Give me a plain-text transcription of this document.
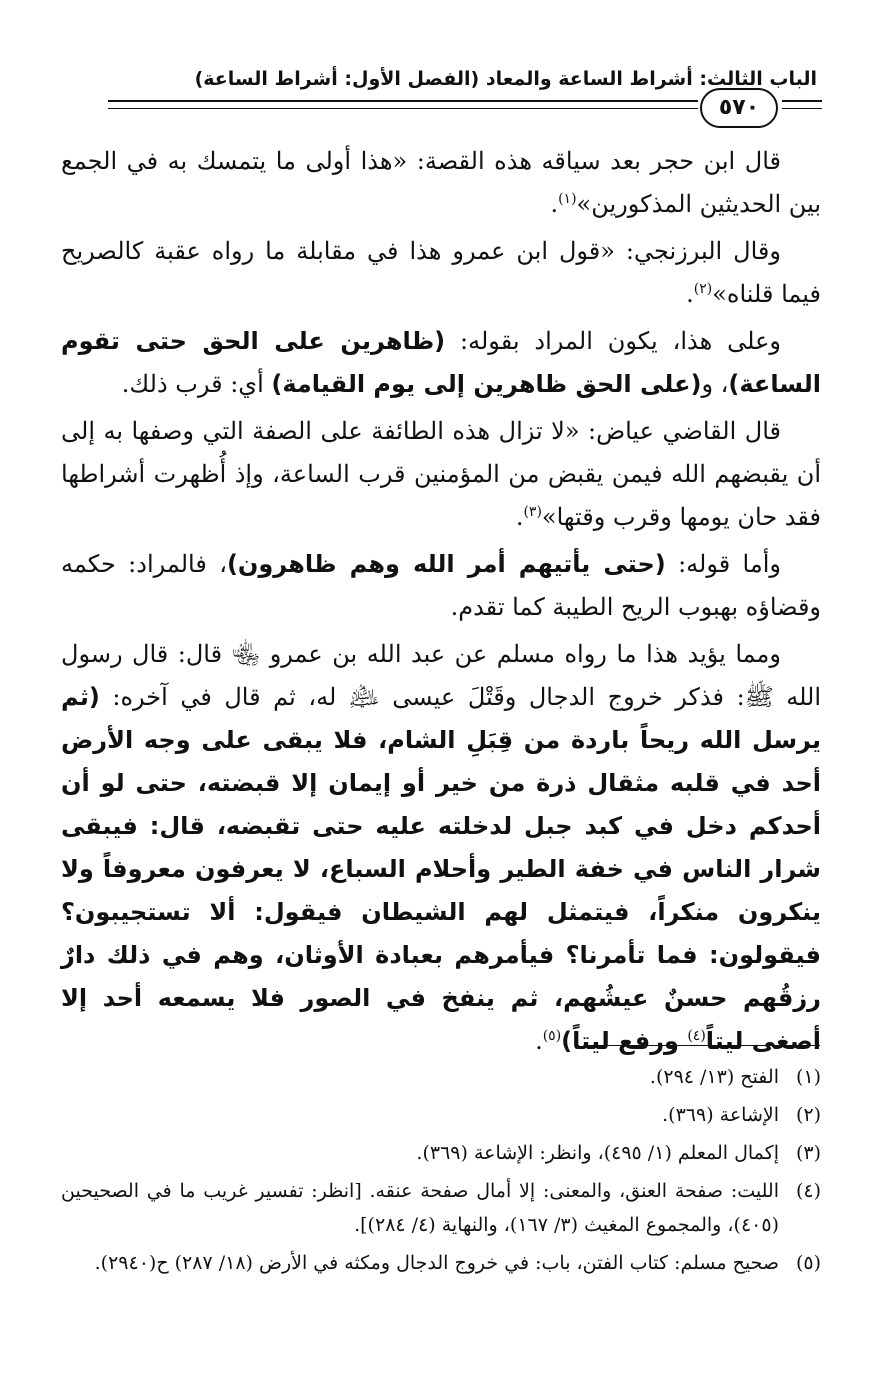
الباب الثالث: أشراط الساعة والمعاد (الفصل الأول: أشراط الساعة)
٥٧٠

قال ابن حجر بعد سياقه هذه القصة: «هذا أولى ما يتمسك به في الجمع بين الحديثين المذكورين»$^{(١)}$.

وقال البرزنجي: «قول ابن عمرو هذا في مقابلة ما رواه عقبة كالصريح فيما قلناه»$^{(٢)}$.

وعلى هذا، يكون المراد بقوله: (ظاهرين على الحق حتى تقوم الساعة)، و(على الحق ظاهرين إلى يوم القيامة) أي: قرب ذلك.

قال القاضي عياض: «لا تزال هذه الطائفة على الصفة التي وصفها به إلى أن يقبضهم الله فيمن يقبض من المؤمنين قرب الساعة، وإذ أُظهرت أشراطها فقد حان يومها وقرب وقتها»$^{(٣)}$.

وأما قوله: (حتى يأتيهم أمر الله وهم ظاهرون)، فالمراد: حكمه وقضاؤه بهبوب الريح الطيبة كما تقدم.

ومما يؤيد هذا ما رواه مسلم عن عبد الله بن عمرو ﵄ قال: قال رسول الله ﷺ: فذكر خروج الدجال وقَتْلَ عيسى ﵇ له، ثم قال في آخره: (ثم يرسل الله ريحاً باردة من قِبَلِ الشام، فلا يبقى على وجه الأرض أحد في قلبه مثقال ذرة من خير أو إيمان إلا قبضته، حتى لو أن أحدكم دخل في كبد جبل لدخلته عليه حتى تقبضه، قال: فيبقى شرار الناس في خفة الطير وأحلام السباع، لا يعرفون معروفاً ولا ينكرون منكراً، فيتمثل لهم الشيطان فيقول: ألا تستجيبون؟ فيقولون: فما تأمرنا؟ فيأمرهم بعبادة الأوثان، وهم في ذلك دارٌ رزقُهم حسنٌ عيشُهم، ثم ينفخ في الصور فلا يسمعه أحد إلا أصغى ليتاً$^{(٤)}$ ورفع ليتاً)$^{(٥)}$.

(١)
الفتح (١٣/ ٢٩٤).
(٢)
الإشاعة (٣٦٩).
(٣)
إكمال المعلم (١/ ٤٩٥)، وانظر: الإشاعة (٣٦٩).
(٤)
الليت: صفحة العنق، والمعنى: إلا أمال صفحة عنقه. [انظر: تفسير غريب ما في الصحيحين (٤٠٥)، والمجموع المغيث (٣/ ١٦٧)، والنهاية (٤/ ٢٨٤)].
(٥)
صحيح مسلم: كتاب الفتن، باب: في خروج الدجال ومكثه في الأرض (١٨/ ٢٨٧) ح(٢٩٤٠).
